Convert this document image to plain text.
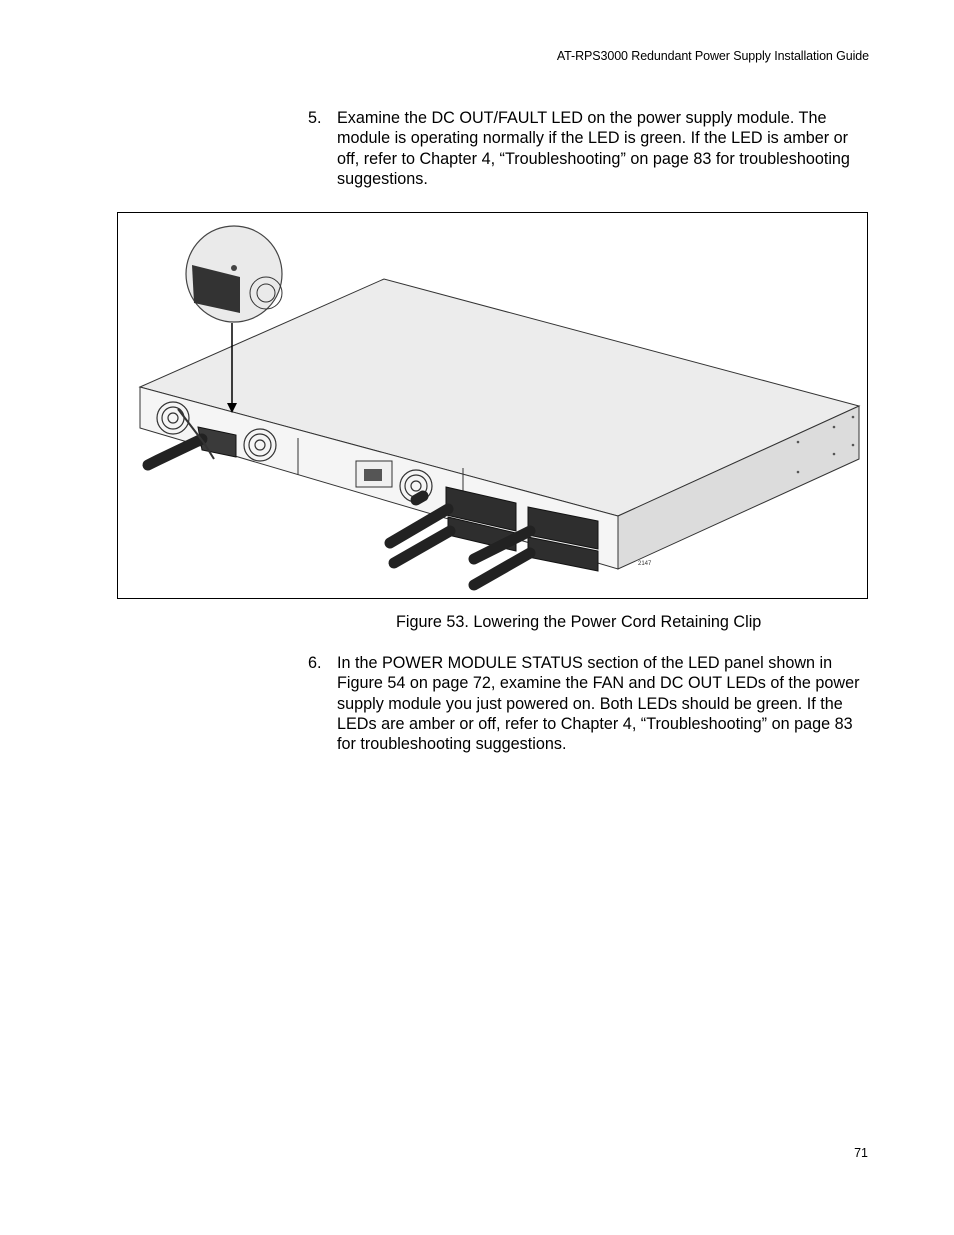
AT-RPS3000 Redundant Power Supply Installation Guide
5. Examine the DC OUT/FAULT LED on the power supply module. The module is operating normally if the LED is green. If the LED is amber or off, refer to Chapter 4, “Troubleshooting” on page 83 for troubleshooting suggestions.
2147
Figure 53. Lowering the Power Cord Retaining Clip
6. In the POWER MODULE STATUS section of the LED panel shown in Figure 54 on page 72, examine the FAN and DC OUT LEDs of the power supply module you just powered on. Both LEDs should be green. If the LEDs are amber or off, refer to Chapter 4, “Troubleshooting” on page 83 for troubleshooting suggestions.
71
